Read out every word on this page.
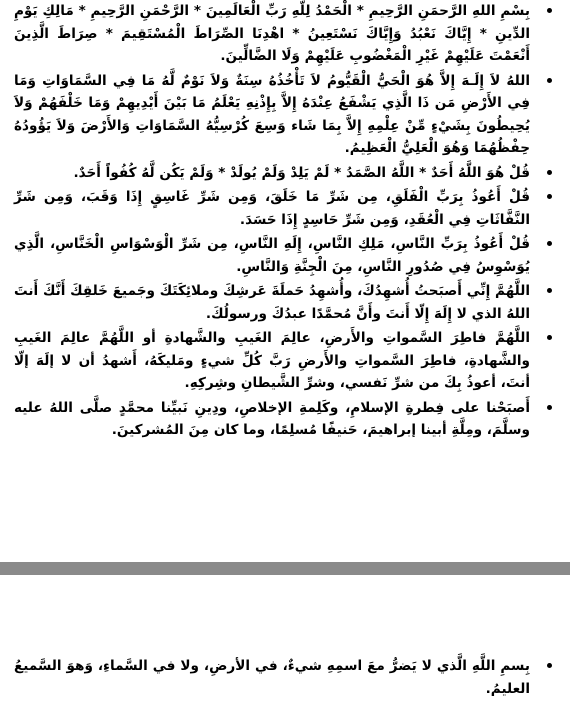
بِسْمِ اللهِ الرَّحمَنِ الرَّحِيمِ * الْحَمْدُ لِلَّهِ رَبِّ الْعَالَمِينَ * الرَّحْمَنِ الرَّحِيمِ * مَالِكِ يَوْمِ الدِّينِ * إِيَّاكَ نَعْبُدُ وَإِيَّاكَ نَسْتَعِينُ * اهْدِنَا الصِّرَاطَ الْمُسْتَقِيمَ * صِرَاطَ الَّذِينَ أَنْعَمْتَ عَلَيْهِمْ غَيْرِ الْمَغْضُوبِ عَلَيْهِمْ وَلَا الضَّالِّينَ.
اللهُ لاَ إِلَـهَ إِلاَّ هُوَ الْحَيُّ الْقَيُّومُ لاَ تَأْخُذُهُ سِنَةٌ وَلاَ نَوْمٌ لَّهُ مَا فِي السَّمَاوَاتِ وَمَا فِي الأَرْضِ مَن ذَا الَّذِي يَشْفَعُ عِنْدَهُ إِلاَّ بِإِذْنِهِ يَعْلَمُ مَا بَيْنَ أَيْدِيهِمْ وَمَا خَلْفَهُمْ وَلاَ يُحِيطُونَ بِشَيْءٍ مِّنْ عِلْمِهِ إِلاَّ بِمَا شَاء وَسِعَ كُرْسِيُّهُ السَّمَاوَاتِ وَالأَرْضَ وَلاَ يَؤُودُهُ حِفْظُهُمَا وَهُوَ الْعَلِيُّ الْعَظِيمُ.
قُلْ هُوَ اللَّهُ أَحَدٌ * اللَّهُ الصَّمَدُ * لَمْ يَلِدْ وَلَمْ يُولَدْ * وَلَمْ يَكُن لَّهُ كُفُواً أَحَدٌ.
قُلْ أَعُوذُ بِرَبِّ الْفَلَقِ، مِن شَرِّ مَا خَلَقَ، وَمِن شَرِّ غَاسِقٍ إِذَا وَقَبَ، وَمِن شَرِّ النَّفَّاثَاتِ فِي الْعُقَدِ، وَمِن شَرِّ حَاسِدٍ إِذَا حَسَدَ.
قُلْ أَعُوذُ بِرَبِّ النَّاسِ، مَلِكِ النَّاسِ، إِلَهِ النَّاسِ، مِن شَرِّ الْوَسْوَاسِ الْخَنَّاسِ، الَّذِي يُوَسْوِسُ فِي صُدُورِ النَّاسِ، مِنَ الْجِنَّةِ وَالنَّاسِ.
اللَّهُمَّ إِنِّي أَصبَحتُ أُشهِدُكَ، وأُشهِدُ حَملَةَ عَرشِكَ وملائِكَتَكَ وجَميعَ خَلقِكَ أَنَّكَ أَنتَ اللهُ الذي لا إِلَهَ إِلّا أَنتَ وأَنَّ مُحمَّدًا عبدُكَ ورسولُكَ.
اللَّهُمَّ فاطِرَ السَّمواتِ والأَرضِ، عالِمَ الغَيبِ والشَّهادةِ أو اللَّهُمَّ عالِمَ الغَيبِ والشَّهادةِ، فاطِرَ السَّمواتِ والأَرضِ رَبَّ كُلِّ شيءٍ ومَليكَهُ، أَشهدُ أن لا إلَهَ إلّا أنتَ، أعوذُ بِكَ من شرِّ نَفسي، وشرِّ الشَّيطانِ وشِركِهِ.
أَصبَحْنا على فِطرةِ الإسلامِ، وكَلِمةِ الإخلاصِ، ودِينِ نَبيِّنا محمَّدٍ صلَّى اللهُ عليه وسلَّمَ، ومِلَّةِ أبينا إبراهيمَ، حَنيفًا مُسلِمًا، وما كان مِنَ المُشركينَ.
بِسمِ اللَّهِ الَّذي لا يَضرُّ معَ اسمِهِ شيءٌ، في الأرضِ، ولا في السَّماءِ، وَهوَ السَّميعُ العليمُ.
